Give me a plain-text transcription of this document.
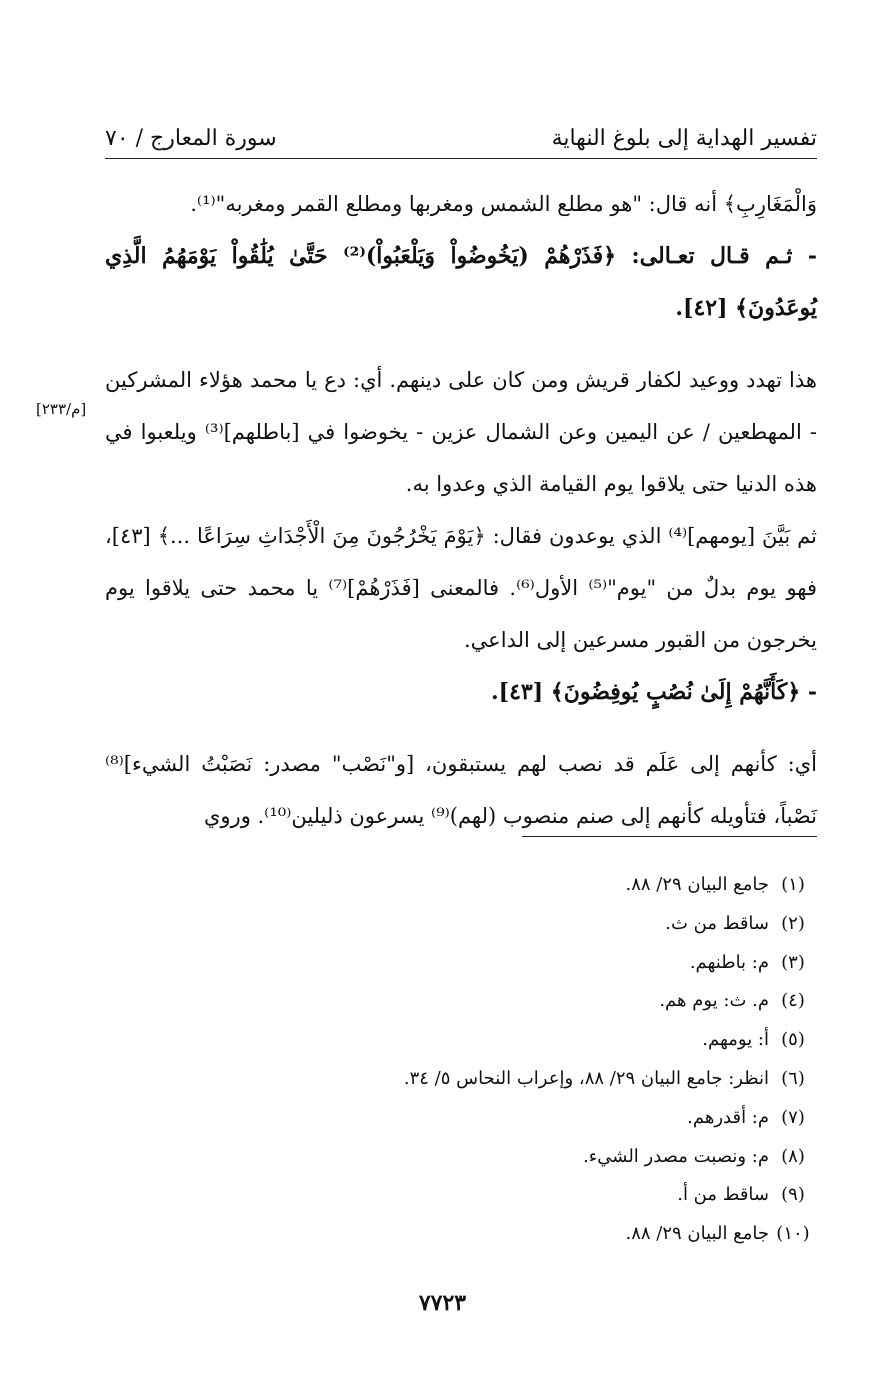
تفسير الهداية إلى بلوغ النهاية
سورة المعارج / ٧٠

وَالْمَغَارِبِ﴾ أنه قال: "هو مطلع الشمس ومغربها ومطلع القمر ومغربه"⁽¹⁾.

- ثـم قـال تعـالى: ﴿فَذَرْهُمْ (يَخُوضُواْ وَيَلْعَبُواْ)⁽²⁾ حَتَّىٰ يُلَٰقُواْ يَوْمَهُمُ الَّذِي يُوعَدُونَ﴾ [٤٢].

هذا تهدد ووعيد لكفار قريش ومن كان على دينهم. أي: دع يا محمد هؤلاء المشركين - المهطعين / عن اليمين وعن الشمال عزين - يخوضوا في [باطلهم]⁽³⁾ ويلعبوا في هذه الدنيا حتى يلاقوا يوم القيامة الذي وعدوا به.

ثم بَيَّنَ [يومهم]⁽⁴⁾ الذي يوعدون فقال: ﴿يَوْمَ يَخْرُجُونَ مِنَ الْأَجْدَاثِ سِرَاعًا ...﴾ [٤٣]، فهو يوم بدلٌ من "يوم"⁽⁵⁾ الأول⁽⁶⁾. فالمعنى [فَذَرْهُمْ]⁽⁷⁾ يا محمد حتى يلاقوا يوم يخرجون من القبور مسرعين إلى الداعي.

- ﴿كَأَنَّهُمْ إِلَىٰ نُصُبٍ يُوفِضُونَ﴾ [٤٣].

أي: كأنهم إلى عَلَم قد نصب لهم يستبقون، [و"نَصْب" مصدر: نَصَبْتُ الشيء]⁽⁸⁾ نَصْباً، فتأويله كأنهم إلى صنم منصوب (لهم)⁽⁹⁾ يسرعون ذليلين⁽¹⁰⁾. وروي

[م/٢٣٣]
(١)
جامع البيان ٢٩/ ٨٨.
(٢)
ساقط من ث.
(٣)
م: باطنهم.
(٤)
م. ث: يوم هم.
(٥)
أ: يومهم.
(٦)
انظر: جامع البيان ٢٩/ ٨٨، وإعراب النحاس ٥/ ٣٤.
(٧)
م: أقدرهم.
(٨)
م: ونصبت مصدر الشيء.
(٩)
ساقط من أ.
(١٠)
جامع البيان ٢٩/ ٨٨.
٧٧٢٣
